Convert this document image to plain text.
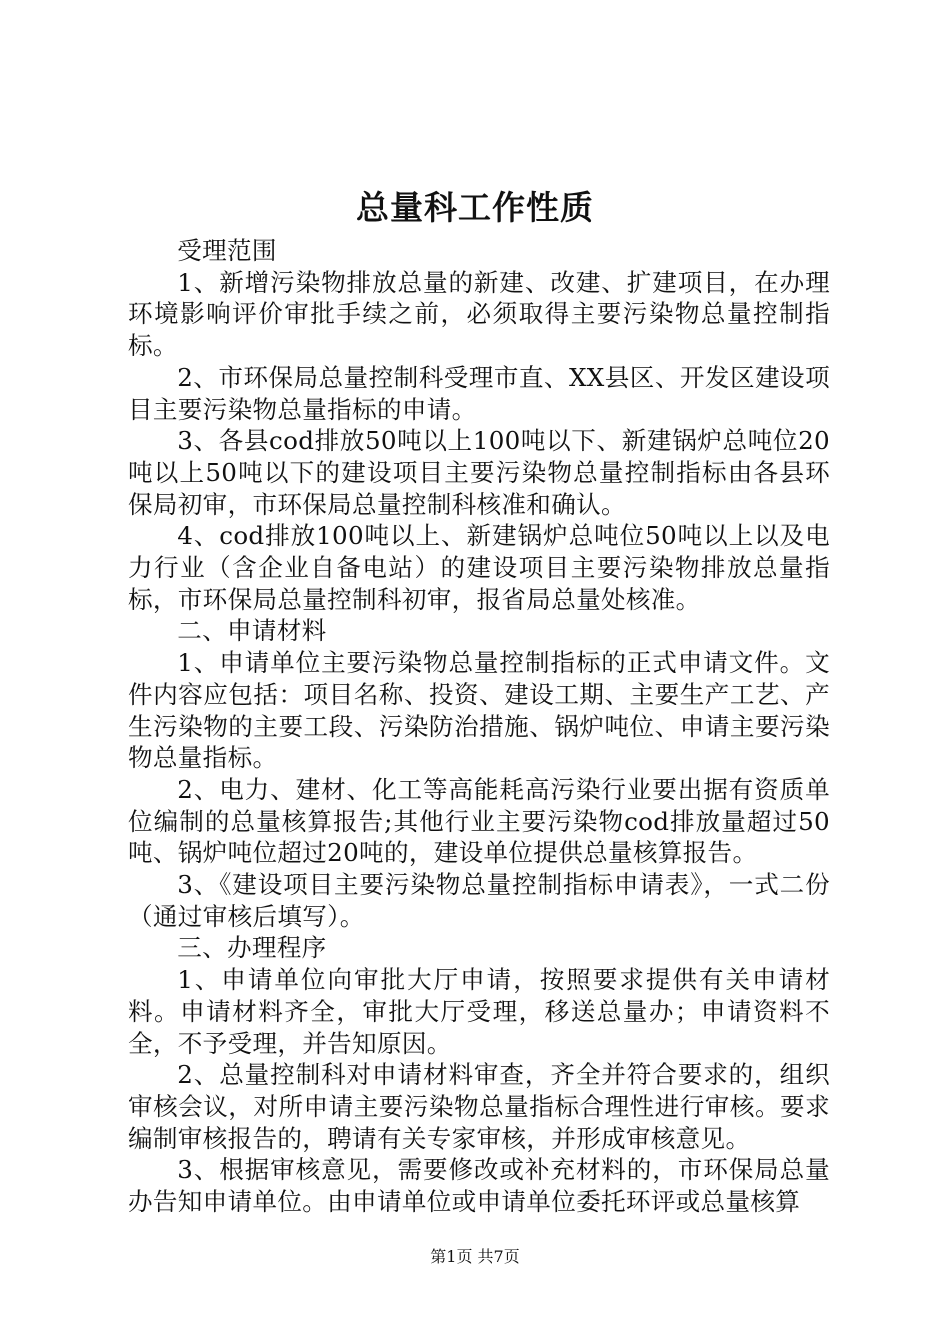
总量科工作性质

受理范围

1、新增污染物排放总量的新建、改建、扩建项目，在办理环境影响评价审批手续之前，必须取得主要污染物总量控制指标。

2、市环保局总量控制科受理市直、XX县区、开发区建设项目主要污染物总量指标的申请。

3、各县cod排放50吨以上100吨以下、新建锅炉总吨位20吨以上50吨以下的建设项目主要污染物总量控制指标由各县环保局初审，市环保局总量控制科核准和确认。

4、cod排放100吨以上、新建锅炉总吨位50吨以上以及电力行业（含企业自备电站）的建设项目主要污染物排放总量指标，市环保局总量控制科初审，报省局总量处核准。

二、申请材料

1、申请单位主要污染物总量控制指标的正式申请文件。文件内容应包括：项目名称、投资、建设工期、主要生产工艺、产生污染物的主要工段、污染防治措施、锅炉吨位、申请主要污染物总量指标。

2、电力、建材、化工等高能耗高污染行业要出据有资质单位编制的总量核算报告;其他行业主要污染物cod排放量超过50吨、锅炉吨位超过20吨的，建设单位提供总量核算报告。

3、《建设项目主要污染物总量控制指标申请表》，一式二份（通过审核后填写）。

三、办理程序

1、申请单位向审批大厅申请，按照要求提供有关申请材料。申请材料齐全，审批大厅受理，移送总量办；申请资料不全，不予受理，并告知原因。

2、总量控制科对申请材料审查，齐全并符合要求的，组织审核会议，对所申请主要污染物总量指标合理性进行审核。要求编制审核报告的，聘请有关专家审核，并形成审核意见。

3、根据审核意见，需要修改或补充材料的，市环保局总量办告知申请单位。由申请单位或申请单位委托环评或总量核算

第1页 共7页
